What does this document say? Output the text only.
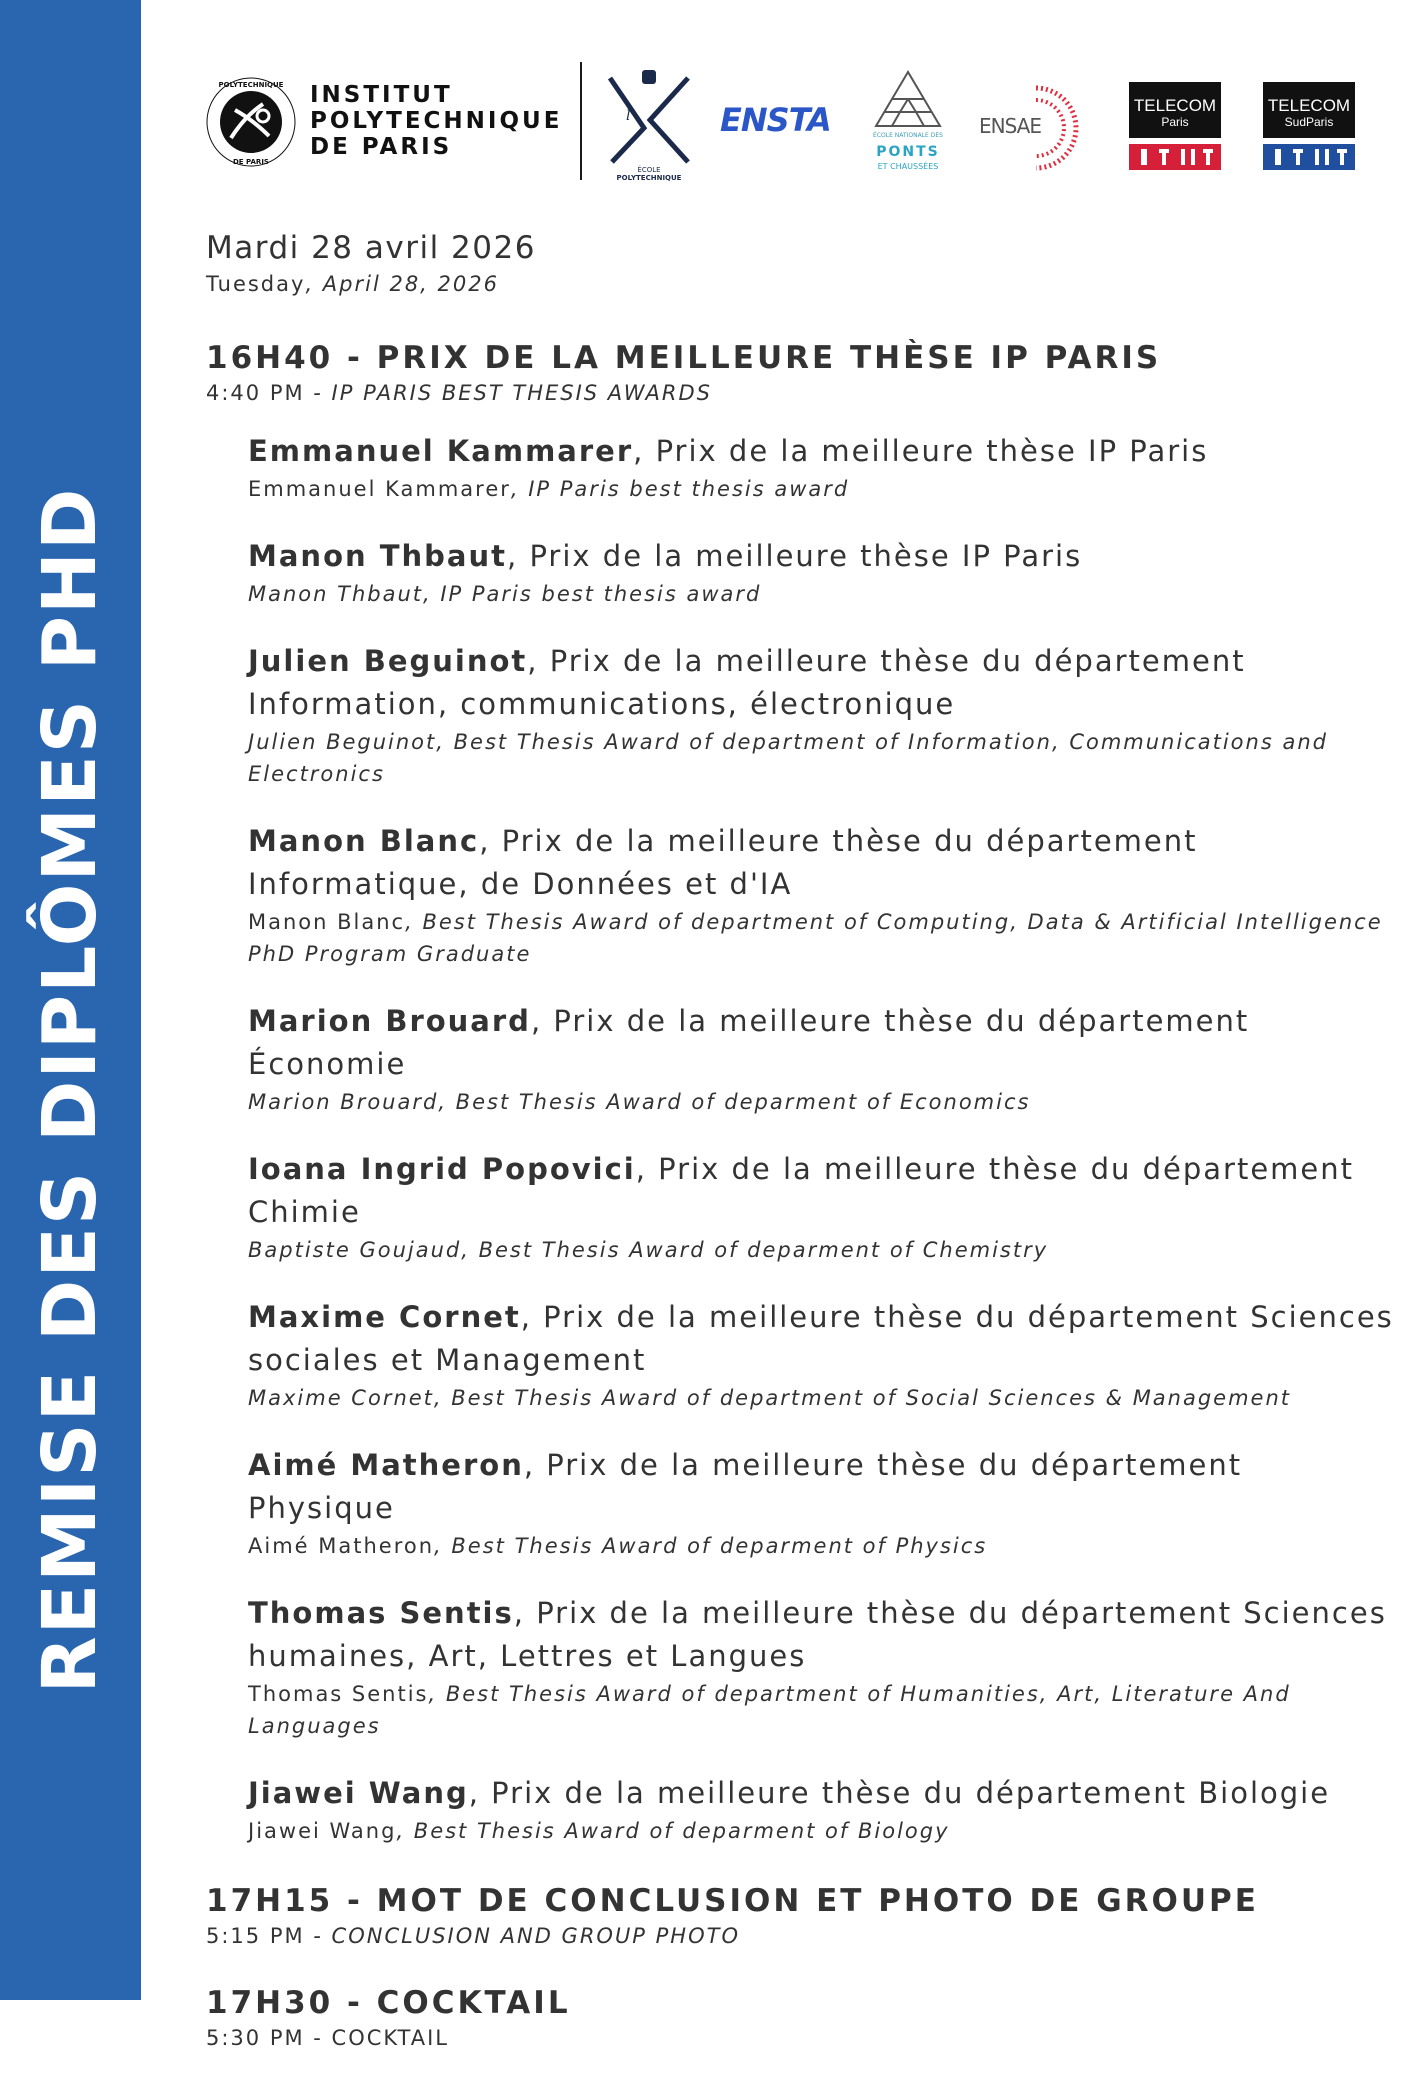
REMISE DES DIPLÔMES PHD
POLYTECHNIQUE
DE PARIS
INSTITUT
POLYTECHNIQUE
DE PARIS
l'
ÉCOLE
POLYTECHNIQUE
ENSTA	ÉCOLE NATIONALE DES
PONTS
ET CHAUSSÉES
ENSAE
TELECOM
Paris
TELECOM
SudParis

Mardi 28 avril 2026

Tuesday, April 28, 2026

16H40 - PRIX DE LA MEILLEURE THÈSE IP PARIS

4:40 PM - IP PARIS BEST THESIS AWARDS

Emmanuel Kammarer, Prix de la meilleure thèse IP Paris

Emmanuel Kammarer, IP Paris best thesis award

Manon Thbaut, Prix de la meilleure thèse IP Paris

Manon Thbaut, IP Paris best thesis award

Julien Beguinot, Prix de la meilleure thèse du département Information, communications, électronique

Julien Beguinot, Best Thesis Award of department of Information, Communications and Electronics

Manon Blanc, Prix de la meilleure thèse du département Informatique, de Données et d'IA

Manon Blanc, Best Thesis Award of department of Computing, Data & Artificial Intelligence PhD Program Graduate

Marion Brouard, Prix de la meilleure thèse du département Économie

Marion Brouard, Best Thesis Award of deparment of Economics

Ioana Ingrid Popovici, Prix de la meilleure thèse du département Chimie

Baptiste Goujaud, Best Thesis Award of deparment of Chemistry

Maxime Cornet, Prix de la meilleure thèse du département Sciences sociales et Management

Maxime Cornet, Best Thesis Award of department of Social Sciences & Management

Aimé Matheron, Prix de la meilleure thèse du département Physique

Aimé Matheron, Best Thesis Award of deparment of Physics

Thomas Sentis, Prix de la meilleure thèse du département Sciences humaines, Art, Lettres et Langues

Thomas Sentis, Best Thesis Award of department of Humanities, Art, Literature And Languages

Jiawei Wang, Prix de la meilleure thèse du département Biologie

Jiawei Wang, Best Thesis Award of deparment of Biology

17H15 - MOT DE CONCLUSION ET PHOTO DE GROUPE

5:15 PM - CONCLUSION AND GROUP PHOTO

17H30 - COCKTAIL

5:30 PM - COCKTAIL
